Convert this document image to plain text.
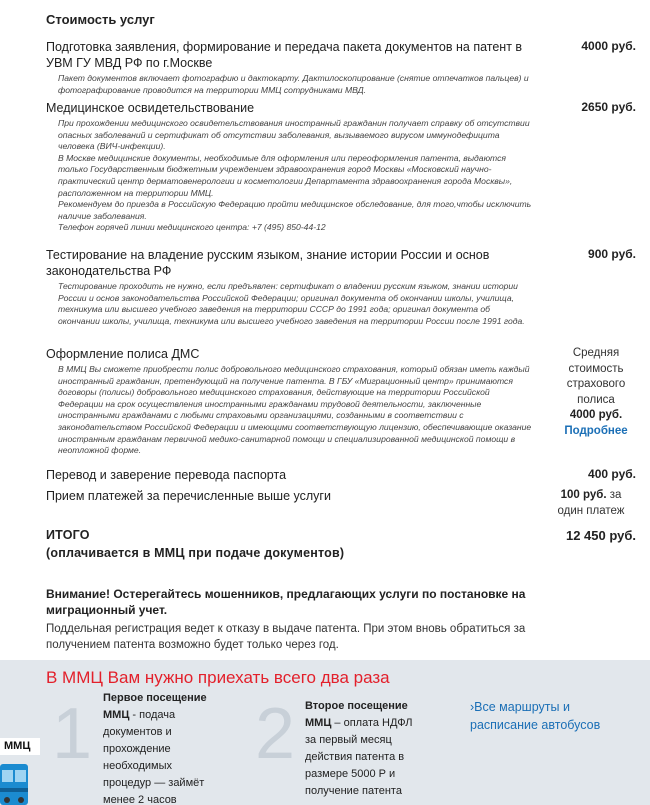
Стоимость услуг
Подготовка заявления, формирование и передача пакета документов на патент в УВМ ГУ МВД РФ по г.Москве

Пакет документов включает фотографию и дактокарту. Дактилоскопирование (снятие отпечатков пальцев) и фотографирование проводится на территории ММЦ сотрудниками МВД.

4000 руб.
Медицинское освидетельствование

При прохождении медицинского освидетельствования иностранный гражданин получает справку об отсутствии опасных заболеваний и сертификат об отсутствии заболевания, вызываемого вирусом иммунодефицита человека (ВИЧ-инфекции).

В Москве медицинские документы, необходимые для оформления или переоформления патента, выдаются только Государственным бюджетным учреждением здравоохранения город Москвы «Московский научно-практический центр дерматовенерологии и косметологии Департамента здравоохранения города Москвы», расположенном на территории ММЦ.

Рекомендуем до приезда в Российскую Федерацию пройти медицинское обследование, для того,чтобы исключить наличие заболевания.

Телефон горячей линии медицинского центра: +7 (495) 850-44-12

2650 руб.
Тестирование на владение русским языком, знание истории России и основ законодательства РФ

Тестирование проходить не нужно, если предъявлен: сертификат о владении русским языком, знании истории России и основ законодательства Российской Федерации; оригинал документа об окончании школы, училища, техникума или высшего учебного заведения на территории СССР до 1991 года; оригинал документа об окончании школы, училища, техникума или высшего учебного заведения на территории России после 1991 года.

900 руб.
Оформление полиса ДМС

В ММЦ Вы сможете приобрести полис добровольного медицинского страхования, который обязан иметь каждый иностранный гражданин, претендующий на получение патента. В ГБУ «Миграционный центр» принимаются договоры (полисы) добровольного медицинского страхования, действующие на территории Российской Федерации на срок осуществления иностранными гражданами трудовой деятельности, заключенные иностранными гражданами с любыми страховыми организациями, созданными в соответствии с законодательством Российской Федерации и имеющими соответствующую лицензию, обеспечивающие оказание иностранным гражданам первичной медико-санитарной помощи и специализированной медицинской помощи в неотложной форме.

Средняя
стоимость
страхового
полиса
4000 руб.
Подробнее
Перевод и заверение перевода паспорта	400 руб.
Прием платежей за перечисленные выше услуги	100 руб. за
один платеж
ИТОГО
(оплачивается в ММЦ при подаче документов)
12 450 руб.
Внимание! Остерегайтесь мошенников, предлагающих услуги по постановке на миграционный учет.
Поддельная регистрация ведет к отказу в выдаче патента. При этом вновь обратиться за получением патента возможно будет только через год.
В ММЦ Вам нужно приехать всего два раза
1 Первое посещение ММЦ - подача документов и прохождение необходимых процедур — займёт менее 2 часов
2 Второе посещение ММЦ – оплата НДФЛ за первый месяц действия патента в размере 5000 Р и получение патента
›Все маршруты и расписание автобусов
ММЦ
